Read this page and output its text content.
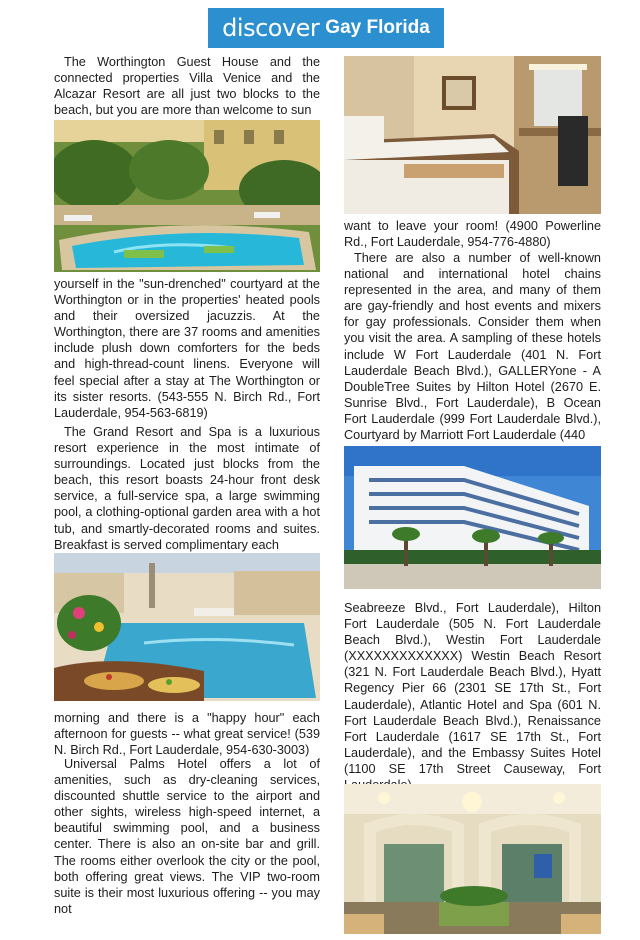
discover Gay Florida

The Worthington Guest House and the connected properties Villa Venice and the Alcazar Resort are all just two blocks to the beach, but you are more than welcome to sun

yourself in the "sun-drenched" courtyard at the Worthington or in the properties' heated pools and their oversized jacuzzis. At the Worthington, there are 37 rooms and amenities include plush down comforters for the beds and high-thread-count linens. Everyone will feel special after a stay at The Worthington or its sister resorts. (543-555 N. Birch Rd., Fort Lauderdale, 954-563-6819)

The Grand Resort and Spa is a luxurious resort experience in the most intimate of surroundings. Located just blocks from the beach, this resort boasts 24-hour front desk service, a full-service spa, a large swimming pool, a clothing-optional garden area with a hot tub, and smartly-decorated rooms and suites. Breakfast is served complimentary each

morning and there is a "happy hour" each afternoon for guests -- what great service! (539 N. Birch Rd., Fort Lauderdale, 954-630-3003)

Universal Palms Hotel offers a lot of amenities, such as dry-cleaning services, discounted shuttle service to the airport and other sights, wireless high-speed internet, a beautiful swimming pool, and a business center. There is also an on-site bar and grill. The rooms either overlook the city or the pool, both offering great views. The VIP two-room suite is their most luxurious offering -- you may not

want to leave your room! (4900 Powerline Rd., Fort Lauderdale, 954-776-4880)

There are also a number of well-known national and international hotel chains represented in the area, and many of them are gay-friendly and host events and mixers for gay professionals. Consider them when you visit the area. A sampling of these hotels include W Fort Lauderdale (401 N. Fort Lauderdale Beach Blvd.), GALLERYone - A DoubleTree Suites by Hilton Hotel (2670 E. Sunrise Blvd., Fort Lauderdale), B Ocean Fort Lauderdale (999 Fort Lauderdale Blvd.), Courtyard by Marriott Fort Lauderdale (440

Seabreeze Blvd., Fort Lauderdale), Hilton Fort Lauderdale (505 N. Fort Lauderdale Beach Blvd.), Westin Fort Lauderdale (XXXXXXXXXXXXX) Westin Beach Resort (321 N. Fort Lauderdale Beach Blvd.), Hyatt Regency Pier 66 (2301 SE 17th St., Fort Lauderdale), Atlantic Hotel and Spa (601 N. Fort Lauderdale Beach Blvd.), Renaissance Fort Lauderdale (1617 SE 17th St., Fort Lauderdale), and the Embassy Suites Hotel (1100 SE 17th Street Causeway, Fort
